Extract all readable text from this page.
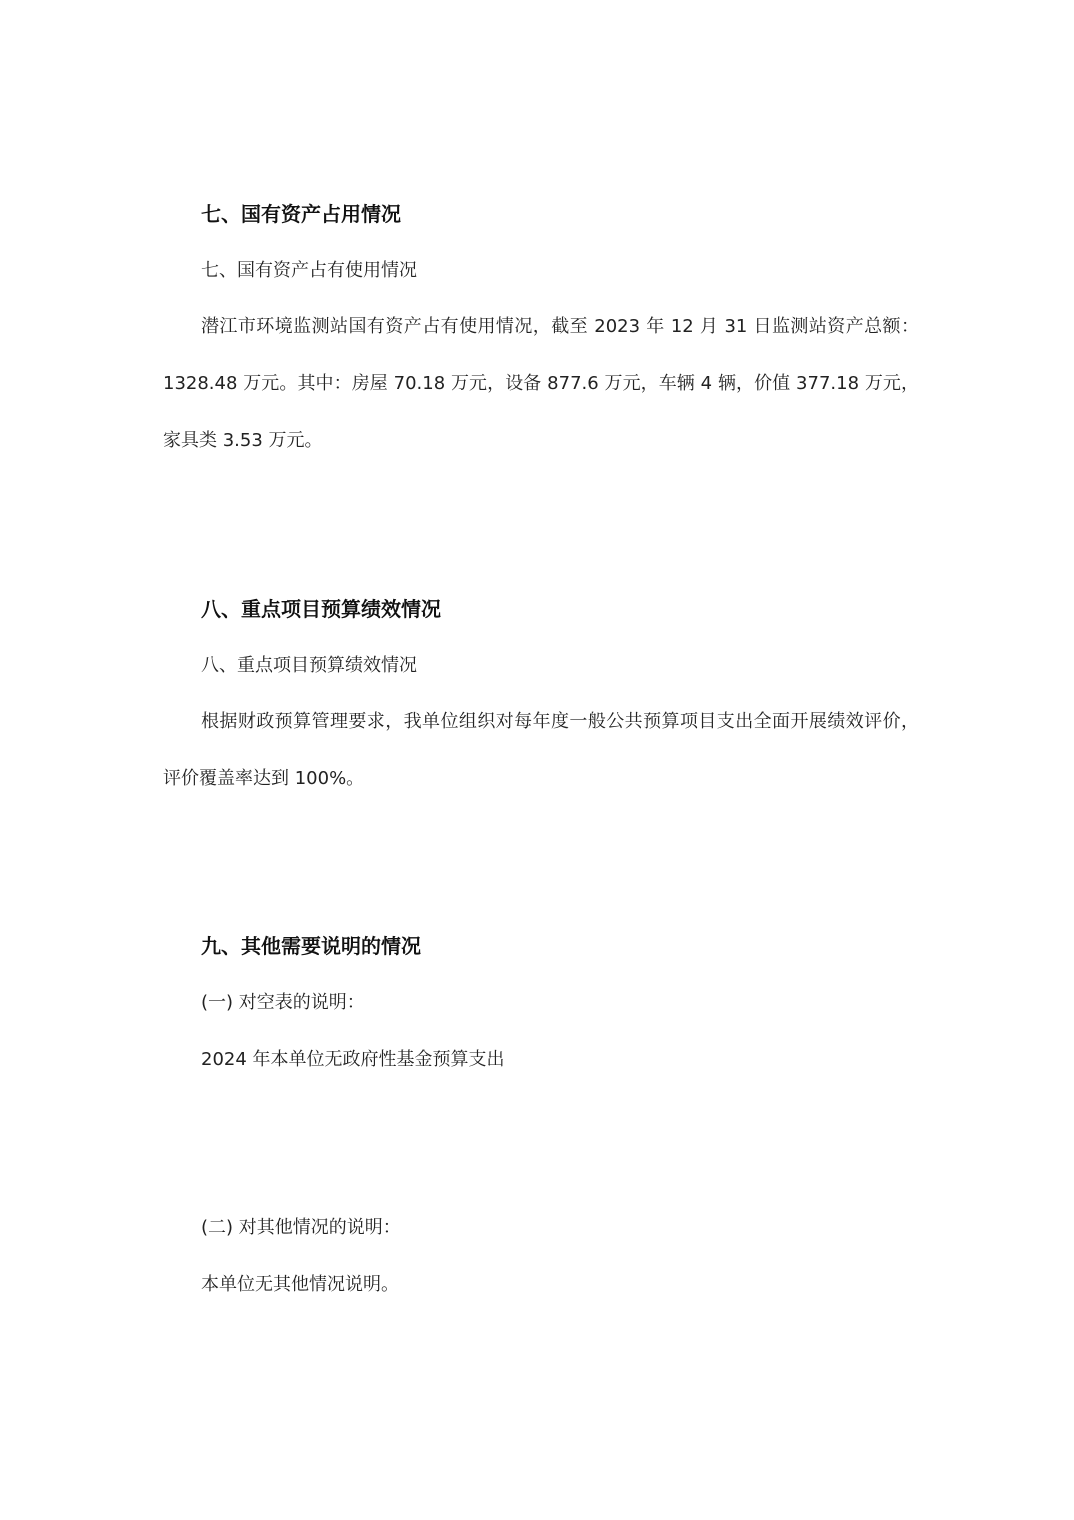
七、国有资产占用情况
七、国有资产占有使用情况
潜江市环境监测站国有资产占有使用情况，截至 2023 年 12 月 31 日监测站资产总额：
1328.48 万元。其中：房屋 70.18 万元，设备 877.6 万元，车辆 4 辆，价值 377.18 万元，
家具类 3.53 万元。
八、重点项目预算绩效情况
八、重点项目预算绩效情况
根据财政预算管理要求，我单位组织对每年度一般公共预算项目支出全面开展绩效评价，
评价覆盖率达到 100%。
九、其他需要说明的情况
(一) 对空表的说明：
2024 年本单位无政府性基金预算支出
(二) 对其他情况的说明：
本单位无其他情况说明。
